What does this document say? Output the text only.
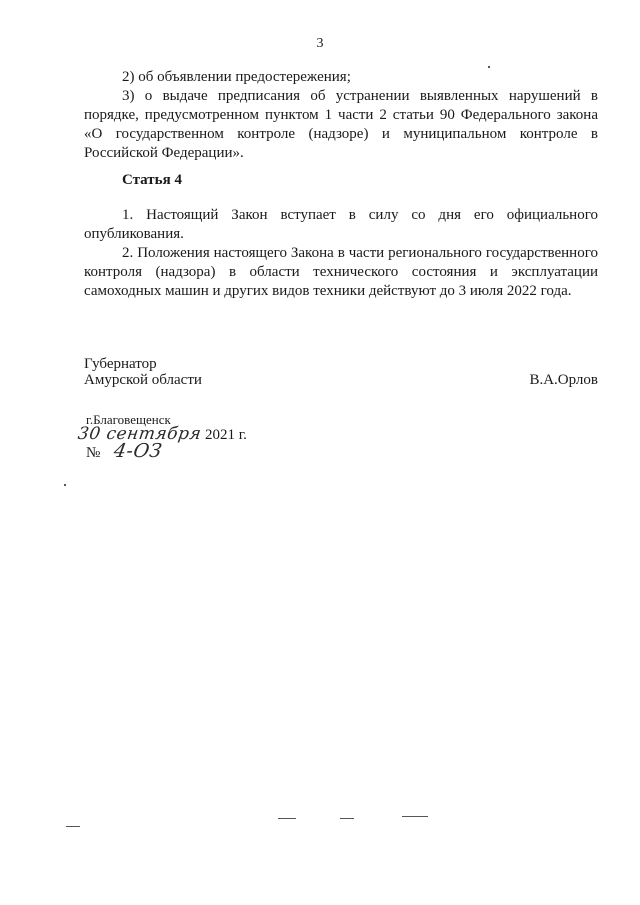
3

2) об объявлении предостережения;

3) о выдаче предписания об устранении выявленных нарушений в порядке, предусмотренном пунктом 1 части 2 статьи 90 Федерального закона «О государственном контроле (надзоре) и муниципальном контроле в Российской Федерации».

Статья 4

1. Настоящий Закон вступает в силу со дня его официального опубликования.

2. Положения настоящего Закона в части регионального государственного контроля (надзора) в области технического состояния и эксплуатации самоходных машин и других видов техники действуют до 3 июля 2022 года.

Губернатор
Амурской области	В.А.Орлов
г.Благовещенск
30 сентября 2021 г.
№ 4-ОЗ
